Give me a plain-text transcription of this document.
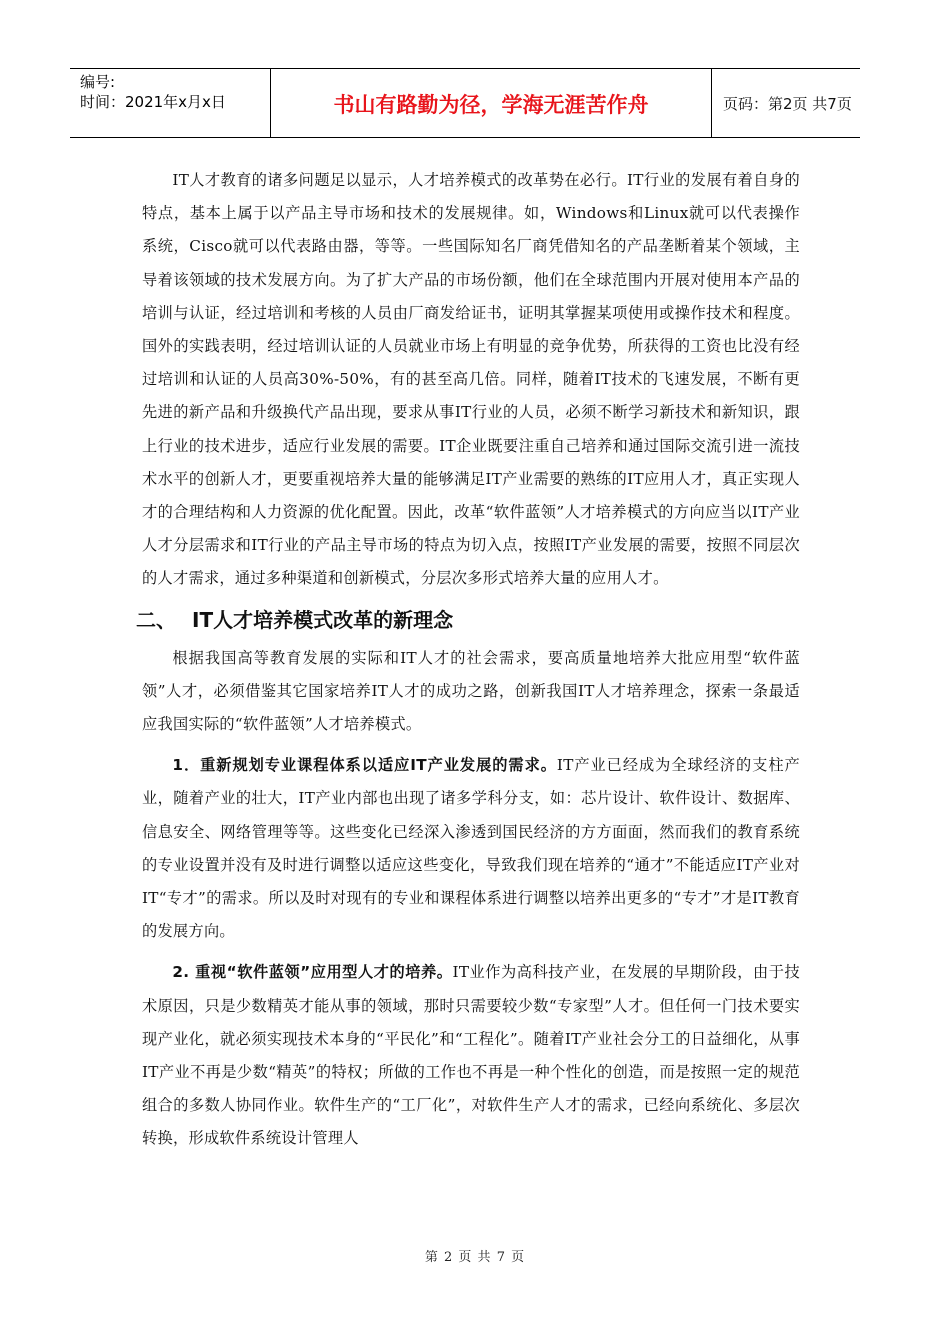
编号:
时间：2021年x月x日	书山有路勤为径，学海无涯苦作舟	页码：第2页 共7页

IT人才教育的诸多问题足以显示，人才培养模式的改革势在必行。IT行业的发展有着自身的特点，基本上属于以产品主导市场和技术的发展规律。如，Windows和Linux就可以代表操作系统，Cisco就可以代表路由器，等等。一些国际知名厂商凭借知名的产品垄断着某个领域，主导着该领域的技术发展方向。为了扩大产品的市场份额，他们在全球范围内开展对使用本产品的培训与认证，经过培训和考核的人员由厂商发给证书，证明其掌握某项使用或操作技术和程度。国外的实践表明，经过培训认证的人员就业市场上有明显的竞争优势，所获得的工资也比没有经过培训和认证的人员高30%-50%，有的甚至高几倍。同样，随着IT技术的飞速发展，不断有更先进的新产品和升级换代产品出现，要求从事IT行业的人员，必须不断学习新技术和新知识，跟上行业的技术进步，适应行业发展的需要。IT企业既要注重自己培养和通过国际交流引进一流技术水平的创新人才，更要重视培养大量的能够满足IT产业需要的熟练的IT应用人才，真正实现人才的合理结构和人力资源的优化配置。因此，改革“软件蓝领”人才培养模式的方向应当以IT产业人才分层需求和IT行业的产品主导市场的特点为切入点，按照IT产业发展的需要，按照不同层次的人才需求，通过多种渠道和创新模式，分层次多形式培养大量的应用人才。

二、 IT人才培养模式改革的新理念

根据我国高等教育发展的实际和IT人才的社会需求，要高质量地培养大批应用型“软件蓝领”人才，必须借鉴其它国家培养IT人才的成功之路，创新我国IT人才培养理念，探索一条最适应我国实际的“软件蓝领”人才培养模式。

1．重新规划专业课程体系以适应IT产业发展的需求。IT产业已经成为全球经济的支柱产业，随着产业的壮大，IT产业内部也出现了诸多学科分支，如：芯片设计、软件设计、数据库、信息安全、网络管理等等。这些变化已经深入渗透到国民经济的方方面面，然而我们的教育系统的专业设置并没有及时进行调整以适应这些变化，导致我们现在培养的“通才”不能适应IT产业对IT“专才”的需求。所以及时对现有的专业和课程体系进行调整以培养出更多的“专才”才是IT教育的发展方向。

2. 重视“软件蓝领”应用型人才的培养。IT业作为高科技产业，在发展的早期阶段，由于技术原因，只是少数精英才能从事的领域，那时只需要较少数“专家型”人才。但任何一门技术要实现产业化，就必须实现技术本身的“平民化”和“工程化”。随着IT产业社会分工的日益细化，从事IT产业不再是少数“精英”的特权；所做的工作也不再是一种个性化的创造，而是按照一定的规范组合的多数人协同作业。软件生产的“工厂化”，对软件生产人才的需求，已经向系统化、多层次转换，形成软件系统设计管理人

第 2 页 共 7 页
